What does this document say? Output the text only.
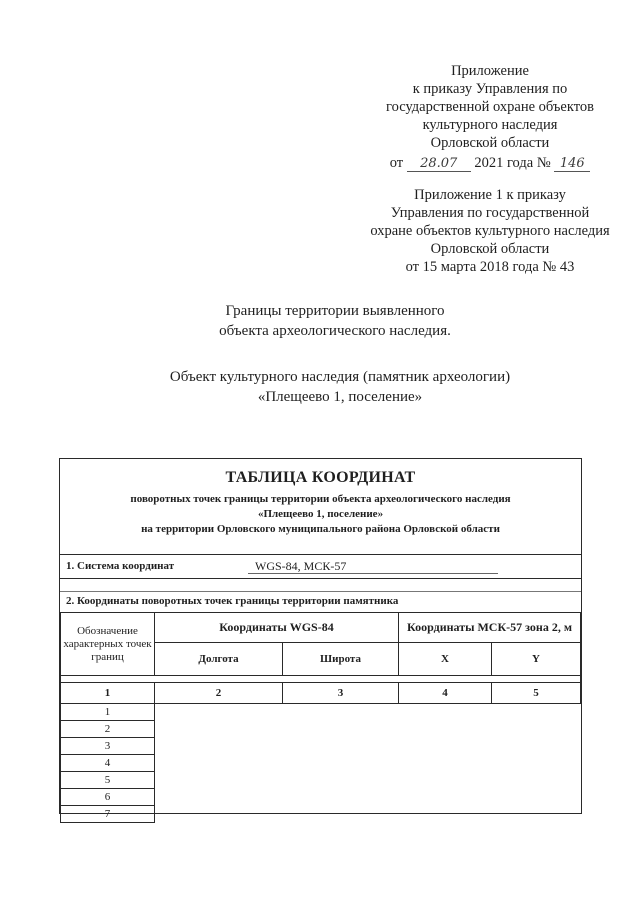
Приложение
к приказу Управления по
государственной охране объектов
культурного наследия
Орловской области
от 28.07 2021 года № 146
Приложение 1 к приказу
Управления по государственной
охране объектов культурного наследия
Орловской области
от 15 марта 2018 года № 43
Границы территории выявленного
объекта археологического наследия.
Объект культурного наследия (памятник археологии)
«Плещеево 1, поселение»
ТАБЛИЦА КООРДИНАТ
поворотных точек границы территории объекта археологического наследия
«Плещеево 1, поселение»
на территории Орловского муниципального района Орловской области
1. Система координат	WGS-84, МСК-57
2. Координаты поворотных точек границы территории памятника
Обозначение характерных точек границ	Координаты WGS-84		Координаты МСК-57 зона 2, м	
	Долгота	Широта	X	Y

1	2	3	4	5
1				
2				
3				
4				
5				
6				
7				
